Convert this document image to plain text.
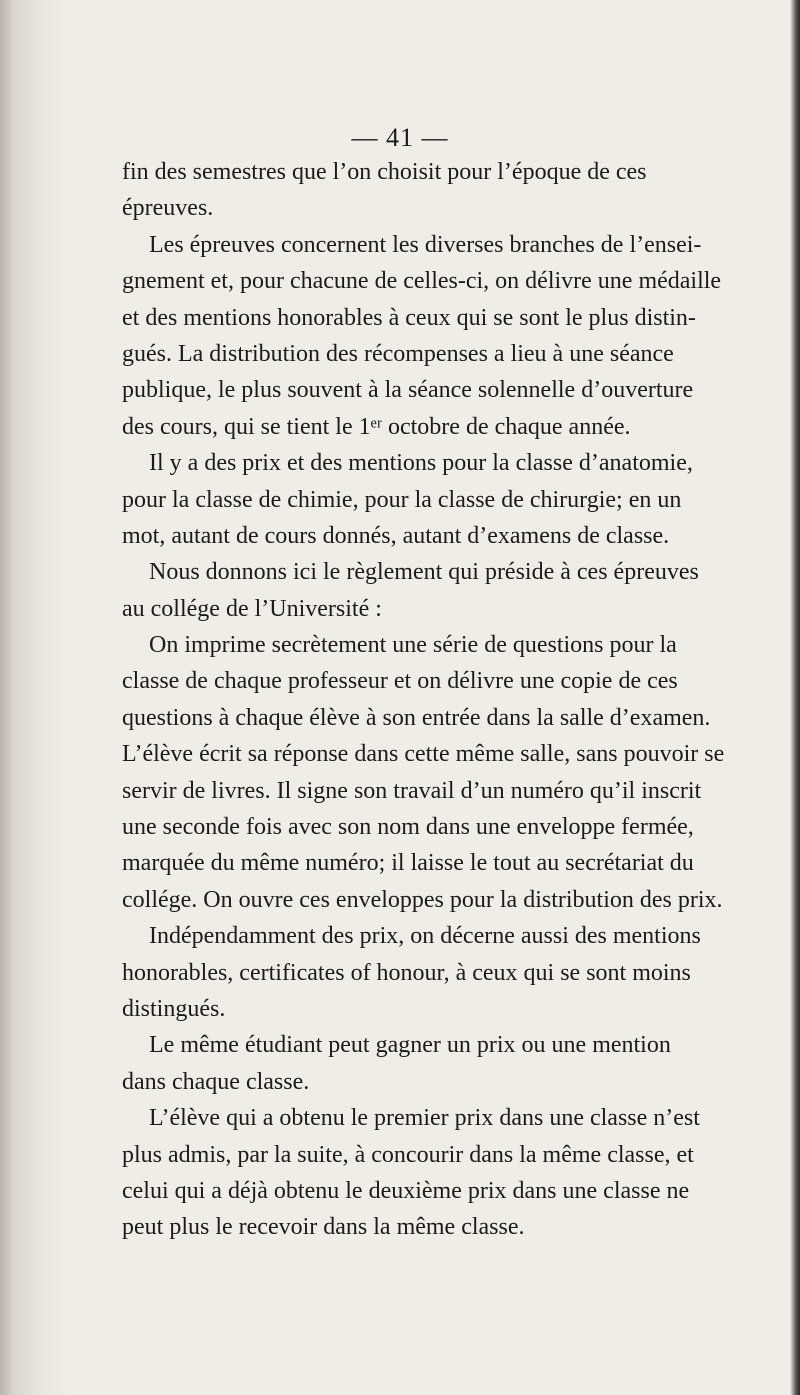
— 41 —
fin des semestres que l’on choisit pour l’époque de ces
épreuves.
Les épreuves concernent les diverses branches de l’ensei-
gnement et, pour chacune de celles-ci, on délivre une médaille
et des mentions honorables à ceux qui se sont le plus distin-
gués. La distribution des récompenses a lieu à une séance
publique, le plus souvent à la séance solennelle d’ouverture
des cours, qui se tient le 1ᵉʳ octobre de chaque année.
Il y a des prix et des mentions pour la classe d’anatomie,
pour la classe de chimie, pour la classe de chirurgie; en un
mot, autant de cours donnés, autant d’examens de classe.
Nous donnons ici le règlement qui préside à ces épreuves
au collége de l’Université :
On imprime secrètement une série de questions pour la
classe de chaque professeur et on délivre une copie de ces
questions à chaque élève à son entrée dans la salle d’examen.
L’élève écrit sa réponse dans cette même salle, sans pouvoir se
servir de livres. Il signe son travail d’un numéro qu’il inscrit
une seconde fois avec son nom dans une enveloppe fermée,
marquée du même numéro; il laisse le tout au secrétariat du
collége. On ouvre ces enveloppes pour la distribution des prix.
Indépendamment des prix, on décerne aussi des mentions
honorables, certificates of honour, à ceux qui se sont moins
distingués.
Le même étudiant peut gagner un prix ou une mention
dans chaque classe.
L’élève qui a obtenu le premier prix dans une classe n’est
plus admis, par la suite, à concourir dans la même classe, et
celui qui a déjà obtenu le deuxième prix dans une classe ne
peut plus le recevoir dans la même classe.
